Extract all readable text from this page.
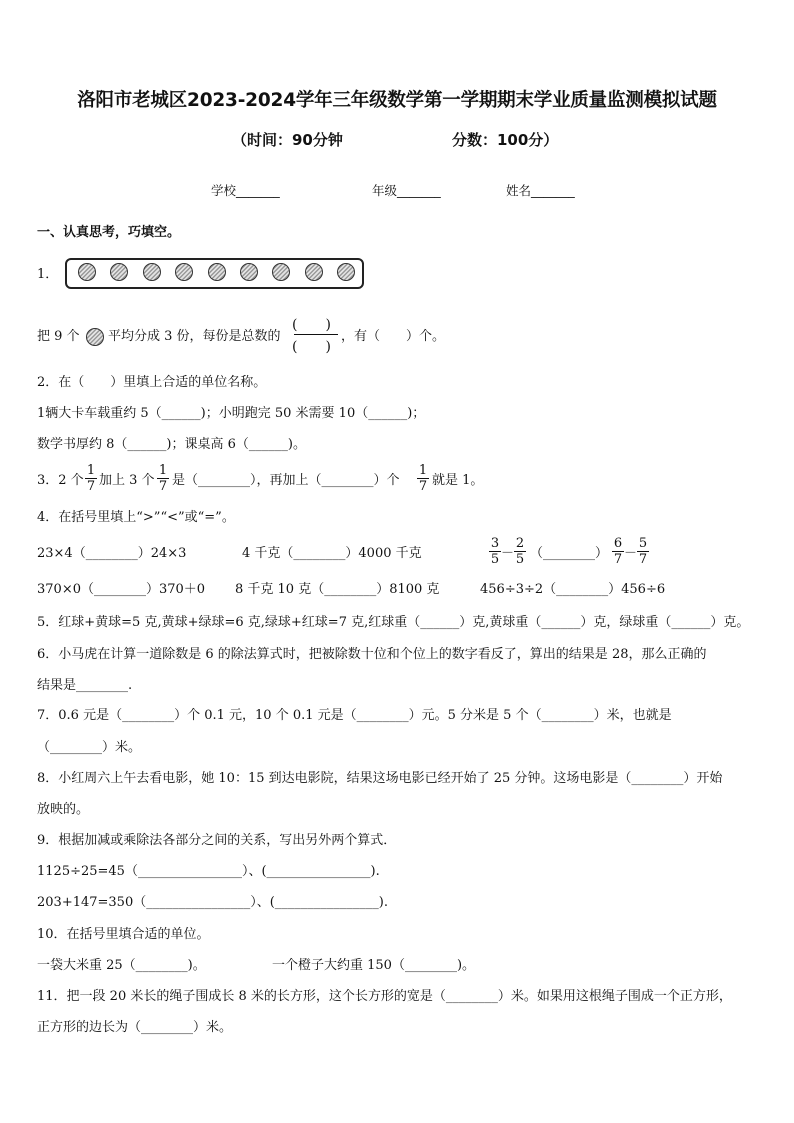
洛阳市老城区2023-2024学年三年级数学第一学期期末学业质量监测模拟试题
（时间：90分钟	分数：100分）
学校_______	年级_______	姓名_______
一、认真思考，巧填空。
1．
把 9 个 平均分成 3 份，每份是总数的
(　　)
(　　)
，有（　　）个。
2．在（　　）里填上合适的单位名称。
1辆大卡车载重约 5（______)；小明跑完 50 米需要 10（______)；
数学书厚约 8（______)；课桌高 6（______)。
3．2 个 $\frac{1}{7}$ 加上 3 个 $\frac{1}{7}$ 是（________），再加上（________）个 $\frac{1}{7}$ 就是 1。
4．在括号里填上“>”“<”或“=”。
23×4（________）24×3	4 千克（________）4000 千克	$\frac{3}{5} - \frac{2}{5}$ （________） $\frac{6}{7} - \frac{5}{7}$
370×0（________）370＋0 8 千克 10 克（________）8100 克	456÷3÷2（________）456÷6
5．红球+黄球=5 克,黄球+绿球=6 克,绿球+红球=7 克,红球重（______）克,黄球重（______）克，绿球重（______）克。
6．小马虎在计算一道除数是 6 的除法算式时，把被除数十位和个位上的数字看反了，算出的结果是 28，那么正确的
结果是________.
7．0.6 元是（________）个 0.1 元，10 个 0.1 元是（________）元。5 分米是 5 个（________）米，也就是
（________）米。
8．小红周六上午去看电影，她 10：15 到达电影院，结果这场电影已经开始了 25 分钟。这场电影是（________）开始
放映的。
9．根据加减或乘除法各部分之间的关系，写出另外两个算式．
1125÷25=45（________________）、(________________).
203+147=350（________________）、(________________).
10．在括号里填合适的单位。
一袋大米重 25（________)。	一个橙子大约重 150（________)。
11．把一段 20 米长的绳子围成长 8 米的长方形，这个长方形的宽是（________）米。如果用这根绳子围成一个正方形，
正方形的边长为（________）米。
